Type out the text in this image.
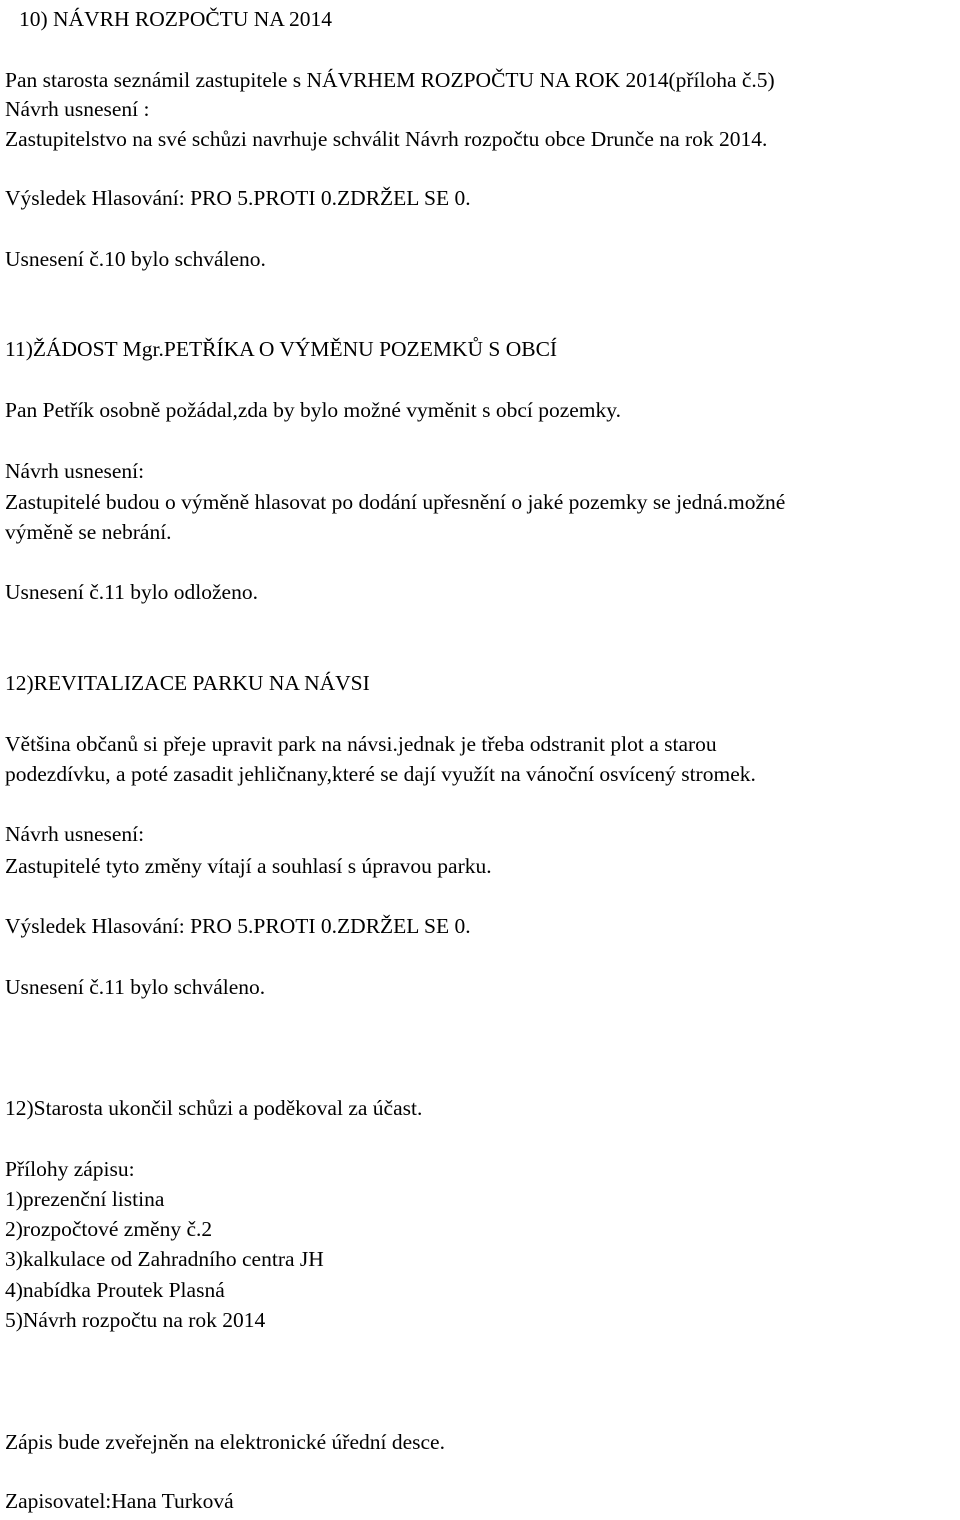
10) NÁVRH ROZPOČTU NA 2014
Pan starosta seznámil zastupitele s NÁVRHEM ROZPOČTU NA ROK 2014(příloha č.5)
Návrh usnesení :
Zastupitelstvo na své schůzi navrhuje schválit Návrh rozpočtu obce Drunče na rok 2014.
Výsledek Hlasování: PRO 5.PROTI 0.ZDRŽEL SE 0.
Usnesení č.10 bylo schváleno.
11)ŽÁDOST Mgr.PETŘÍKA O VÝMĚNU POZEMKŮ S OBCÍ
Pan Petřík osobně požádal,zda by bylo možné vyměnit s obcí pozemky.
Návrh usnesení:
Zastupitelé budou o výměně hlasovat po dodání upřesnění o jaké pozemky se jedná.možné
výměně se nebrání.
Usnesení č.11 bylo odloženo.
12)REVITALIZACE PARKU NA NÁVSI
Většina občanů si přeje upravit park na návsi.jednak je třeba odstranit plot a starou
podezdívku, a poté zasadit jehličnany,které se dají využít na vánoční osvícený stromek.
Návrh usnesení:
Zastupitelé tyto změny vítají a souhlasí s úpravou parku.
Výsledek Hlasování: PRO 5.PROTI 0.ZDRŽEL SE 0.
Usnesení č.11 bylo schváleno.
12)Starosta ukončil schůzi a poděkoval za účast.
Přílohy zápisu:
1)prezenční listina
2)rozpočtové změny č.2
3)kalkulace od Zahradního centra JH
4)nabídka Proutek Plasná
5)Návrh rozpočtu na rok 2014
Zápis bude zveřejněn na elektronické úřední desce.
Zapisovatel:Hana Turková
